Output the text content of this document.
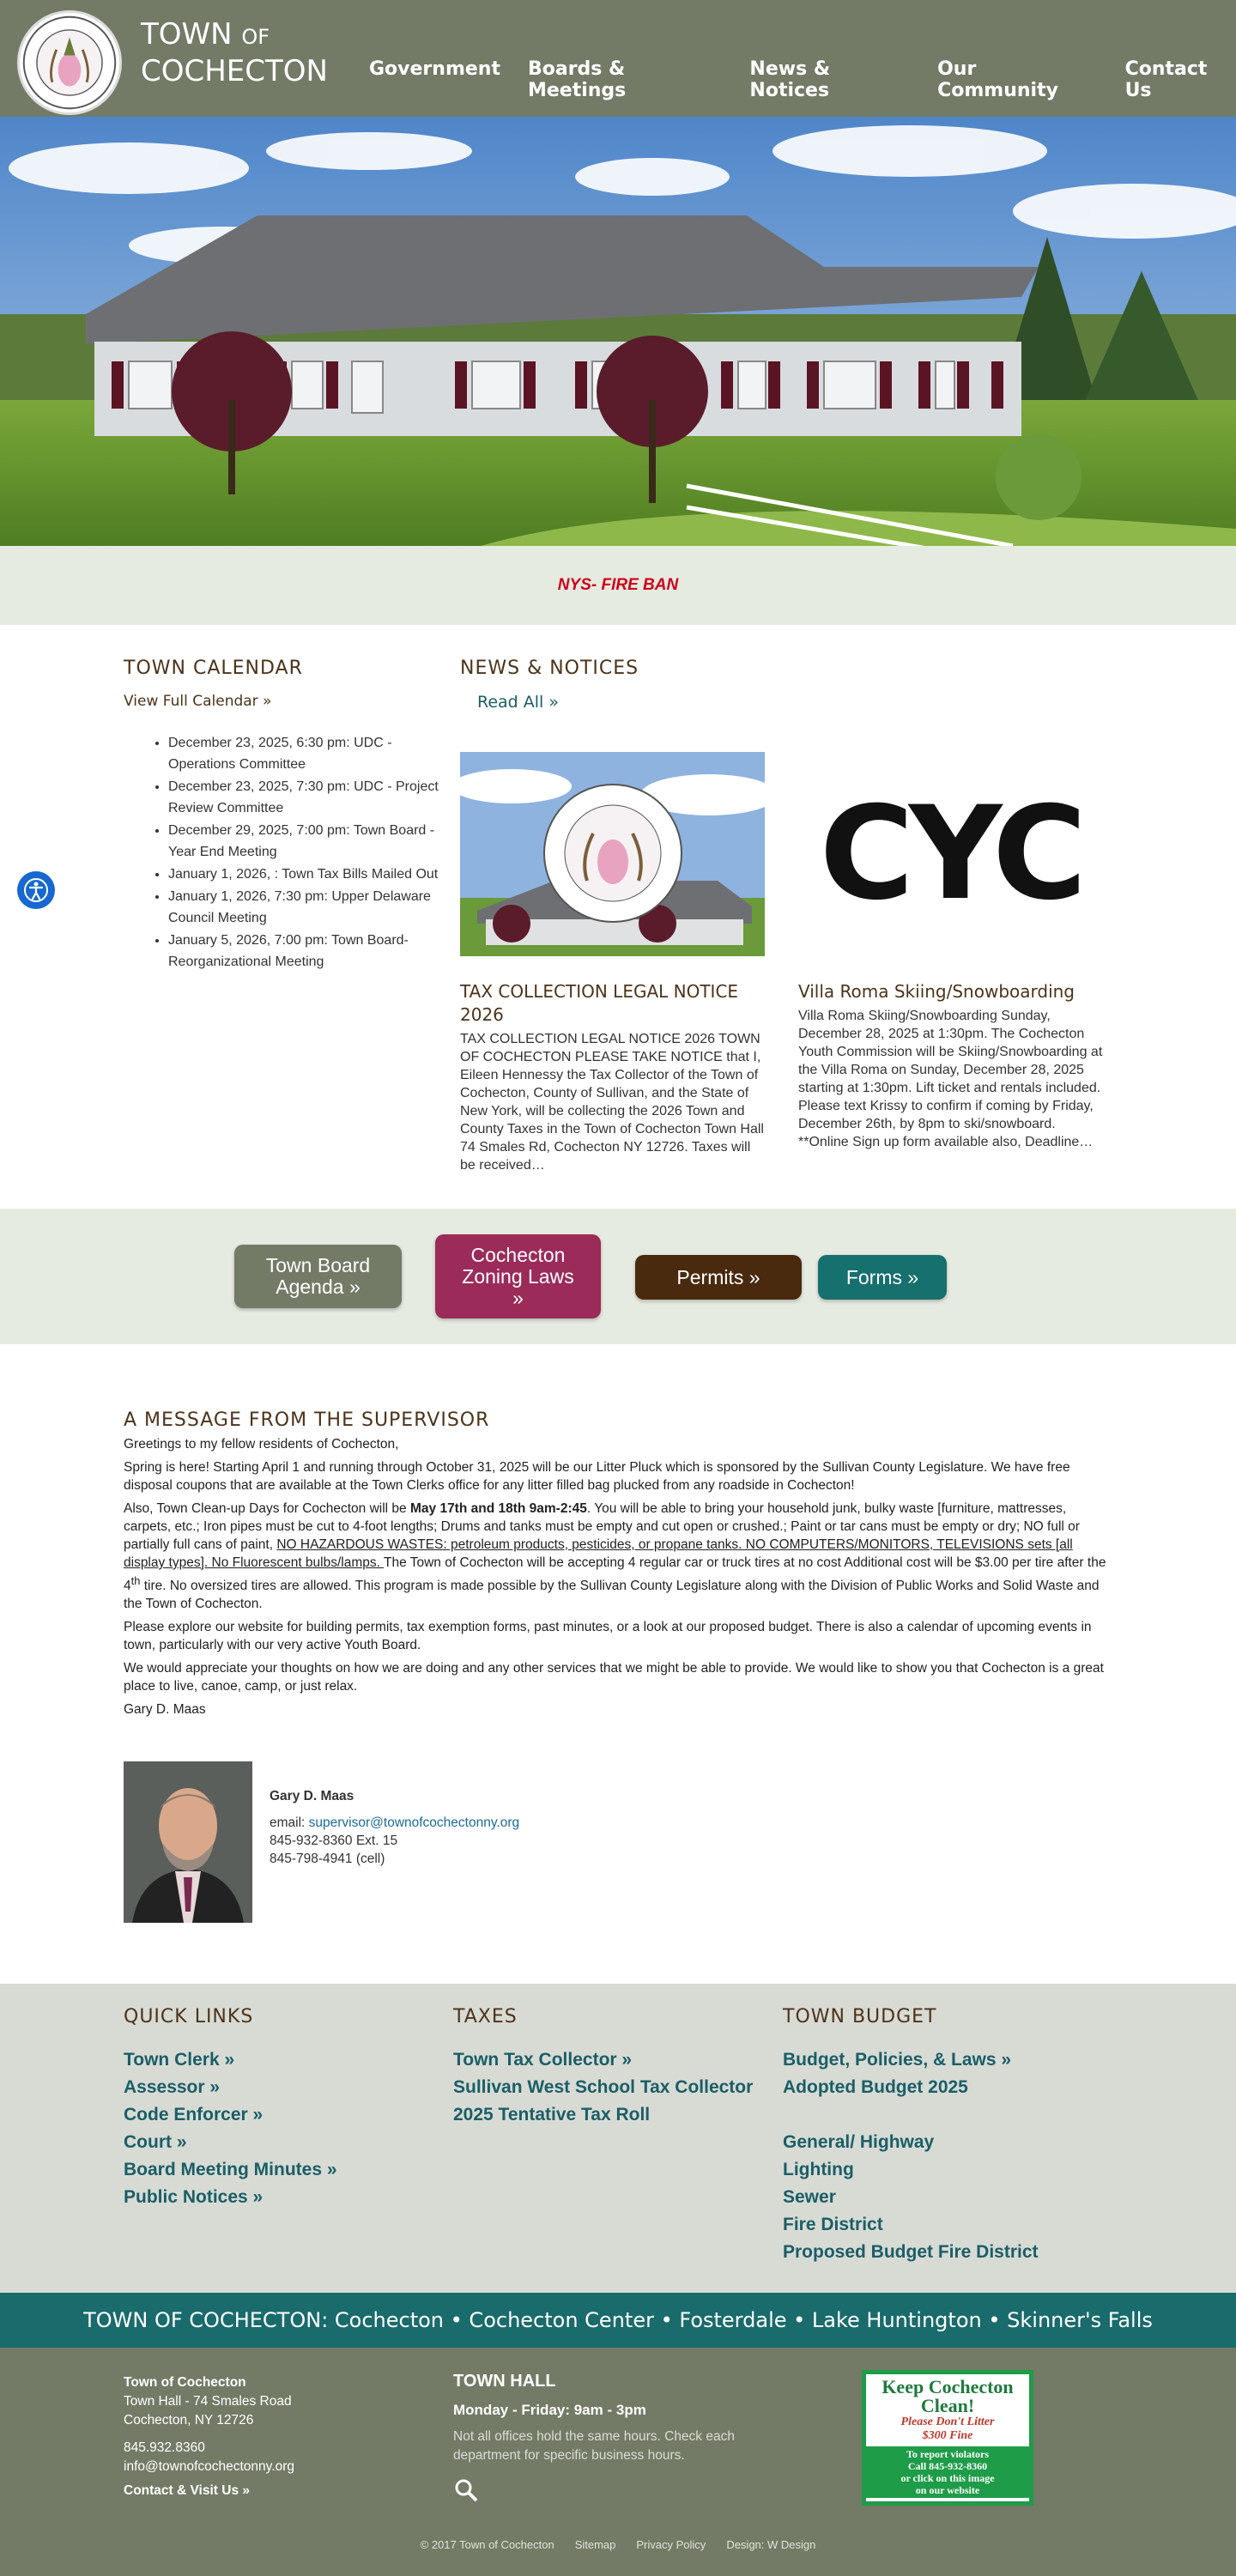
TOWN OF
COCHECTON Government Boards & Meetings
News & Notices
Our Community
Contact Us
NYS- FIRE BAN
TOWN CALENDAR
View Full Calendar »
• December 23, 2025, 6:30 pm: UDC - Operations Committee
• December 23, 2025, 7:30 pm: UDC - Project Review Committee
• December 29, 2025, 7:00 pm: Town Board - Year End Meeting
• January 1, 2026, : Town Tax Bills Mailed Out
• January 1, 2026, 7:30 pm: Upper Delaware Council Meeting
• January 5, 2026, 7:00 pm: Town Board- Reorganizational Meeting
NEWS & NOTICES
Read All »
TAX COLLECTION LEGAL NOTICE 2026

TAX COLLECTION LEGAL NOTICE 2026 TOWN OF COCHECTON PLEASE TAKE NOTICE that I, Eileen Hennessy the Tax Collector of the Town of Cochecton, County of Sullivan, and the State of New York, will be collecting the 2026 Town and County Taxes in the Town of Cochecton Town Hall 74 Smales Rd, Cochecton NY 12726. Taxes will be received…

CYC
Villa Roma Skiing/Snowboarding

Villa Roma Skiing/Snowboarding Sunday, December 28, 2025 at 1:30pm. The Cochecton Youth Commission will be Skiing/Snowboarding at the Villa Roma on Sunday, December 28, 2025 starting at 1:30pm. Lift ticket and rentals included. Please text Krissy to confirm if coming by Friday, December 26th, by 8pm to ski/snowboard. **Online Sign up form available also, Deadline…

Town Board
Agenda »
Cochecton
Zoning Laws
»
Permits »	Forms »
A MESSAGE FROM THE SUPERVISOR

Greetings to my fellow residents of Cochecton,

Spring is here! Starting April 1 and running through October 31, 2025 will be our Litter Pluck which is sponsored by the Sullivan County Legislature. We have free disposal coupons that are available at the Town Clerks office for any litter filled bag plucked from any roadside in Cochecton!

Also, Town Clean-up Days for Cochecton will be May 17th and 18th 9am-2:45. You will be able to bring your household junk, bulky waste [furniture, mattresses, carpets, etc.; Iron pipes must be cut to 4-foot lengths; Drums and tanks must be empty and cut open or crushed.; Paint or tar cans must be empty or dry; NO full or partially full cans of paint, NO HAZARDOUS WASTES: petroleum products, pesticides, or propane tanks. NO COMPUTERS/MONITORS, TELEVISIONS sets [all display types]. No Fluorescent bulbs/lamps. The Town of Cochecton will be accepting 4 regular car or truck tires at no cost Additional cost will be $3.00 per tire after the 4th tire. No oversized tires are allowed. This program is made possible by the Sullivan County Legislature along with the Division of Public Works and Solid Waste and the Town of Cochecton.

Please explore our website for building permits, tax exemption forms, past minutes, or a look at our proposed budget. There is also a calendar of upcoming events in town, particularly with our very active Youth Board.

We would appreciate your thoughts on how we are doing and any other services that we might be able to provide. We would like to show you that Cochecton is a great place to live, canoe, camp, or just relax.

Gary D. Maas

Gary D. Maas
email: supervisor@townofcochectonny.org
845-932-8360 Ext. 15
845-798-4941 (cell)
QUICK LINKS
Town Clerk »
Assessor »
Code Enforcer »
Court »
Board Meeting Minutes »
Public Notices »
TAXES
Town Tax Collector »
Sullivan West School Tax Collector
2025 Tentative Tax Roll
TOWN BUDGET
Budget, Policies, & Laws »
Adopted Budget 2025
General/ Highway
Lighting
Sewer
Fire District
Proposed Budget Fire District
TOWN OF COCHECTON : Cochecton • Cochecton Center • Fosterdale • Lake Huntington • Skinner's Falls
Town of Cochecton
Town Hall - 74 Smales Road
Cochecton, NY 12726
845.932.8360
info@townofcochectonny.org
Contact & Visit Us »
TOWN HALL
Monday - Friday: 9am - 3pm
Not all offices hold the same hours. Check each department for specific business hours.
Keep Cochecton
Clean!
Please Don't Litter
$300 Fine
To report violators
Call 845-932-8360
or click on this image
on our website
© 2017 Town of Cochecton Sitemap Privacy Policy Design: W Design
